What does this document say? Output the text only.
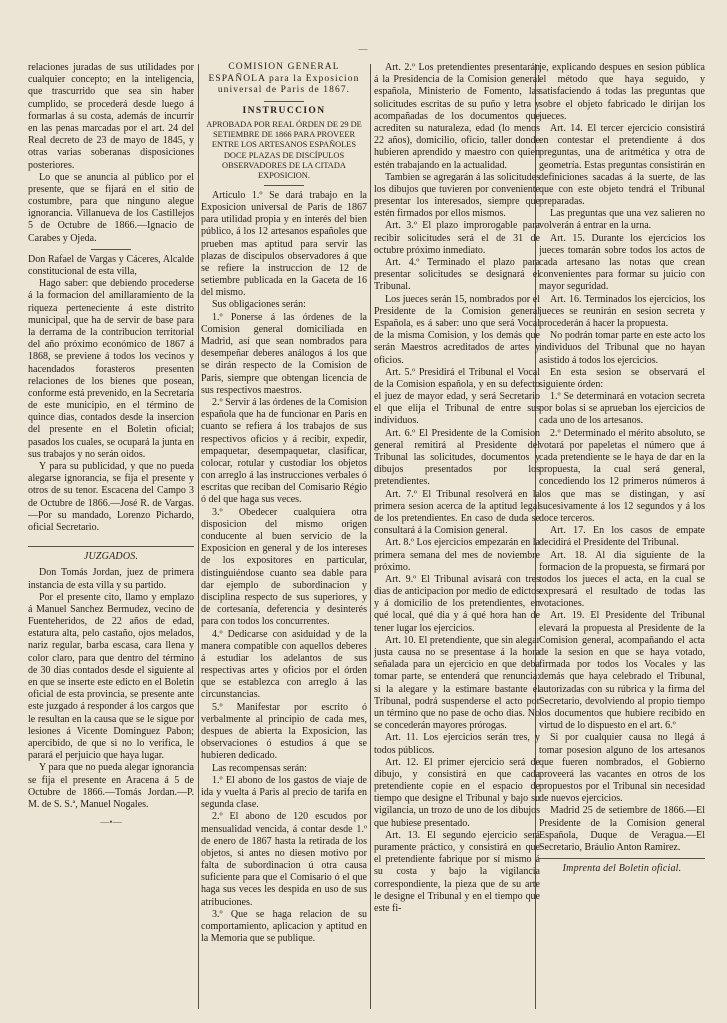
—

relaciones juradas de sus utilidades por cualquier concepto; en la inteligencia, que trascurrido que sea sin haber cumplido, se procederá desde luego á formarlas á su costa, además de incurrir en las penas marcadas por el art. 24 del Real decreto de 23 de mayo de 1845, y otras varias soberanas disposiciones posteriores.

Lo que se anuncia al público por el presente, que se fijará en el sitio de costumbre, para que ninguno alegue ignorancia. Villanueva de los Castillejos 5 de Octubre de 1866.—Ignacio de Carabes y Ojeda.

Don Rafael de Vargas y Cáceres, Alcalde constitucional de esta villa,

Hago saber: que debiendo procederse á la formacion del amillaramiento de la riqueza perteneciente á este distrito municipal, que ha de servir de base para la derrama de la contribucion territorial del año próximo económico de 1867 á 1868, se previene á todos los vecinos y hacendados forasteros presenten relaciones de los bienes que posean, conforme está prevenido, en la Secretaría de este municipio, en el término de quince dias, contados desde la insercion del presente en el Boletin oficial; pasados los cuales, se ocupará la junta en sus trabajos y no serán oidos.

Y para su publicidad, y que no pueda alegarse ignorancia, se fija el presente y otros de su tenor. Escacena del Campo 3 de Octubre de 1866.—José R. de Vargas.—Por su mandado, Lorenzo Pichardo, oficial Secretario.

JUZGADOS.

Don Tomás Jordan, juez de primera instancia de esta villa y su partido.

Por el presente cito, llamo y emplazo á Manuel Sanchez Bermudez, vecino de Fuenteheridos, de 22 años de edad, estatura alta, pelo castaño, ojos melados, nariz regular, barba escasa, cara llena y color claro, para que dentro del término de 30 dias contados desde el siguiente al en que se inserte este edicto en el Boletin oficial de esta provincia, se presente ante este juzgado á responder á los cargos que le resultan en la causa que se le sigue por lesiones á Vicente Dominguez Pabon; apercibido, de que si no lo verifica, le parará el perjuicio que haya lugar.

Y para que no pueda alegar ignorancia se fija el presente en Aracena á 5 de Octubre de 1866.—Tomás Jordan.—P. M. de S. S.ª, Manuel Nogales.

—•—

COMISION GENERAL ESPAÑOLA para la Exposicion universal de Paris de 1867.

INSTRUCCION

APROBADA POR REAL ÓRDEN DE 29 DE SETIEMBRE DE 1866 PARA PROVEER ENTRE LOS ARTESANOS ESPAÑOLES DOCE PLAZAS DE DISCÍPULOS OBSERVADORES DE LA CITADA EXPOSICION.

Articulo 1.º Se dará trabajo en la Exposicion universal de Paris de 1867 para utilidad propia y en interés del bien público, á los 12 artesanos españoles que prueben mas aptitud para servir las plazas de discipulos observadores á que se refiere la instruccion de 12 de setiembre publicada en la Gaceta de 16 del mismo.

Sus obligaciones serán:

1.º Ponerse á las órdenes de la Comision general domiciliada en Madrid, así que sean nombrados para desempeñar deberes análogos á los que se dirán respecto de la Comision de Paris, siempre que obtengan licencia de sus respectivos maestros.

2.º Servir á las órdenes de la Comision española que ha de funcionar en Paris en cuanto se refiera á los trabajos de sus respectivos oficios y á recibir, expedir, empaquetar, desempaquetar, clasificar, colocar, rotular y custodiar los objetos con arreglo á las instrucciones verbales ó escritas que reciban del Comisario Régio ó del que haga sus veces.

3.º Obedecer cualquiera otra disposicion del mismo origen conducente al buen servicio de la Exposicion en general y de los intereses de los expositores en particular, distinguiéndose cuanto sea dable para dar ejemplo de subordinacion y disciplina respecto de sus superiores, y de cortesanía, deferencia y desinterés para con todos los concurrentes.

4.º Dedicarse con asiduidad y de la manera compatible con aquellos deberes á estudiar los adelantos de sus respectivas artes y oficios por el órden que se establezca con arreglo á las circunstancias.

5.º Manifestar por escrito ó verbalmente al principio de cada mes, despues de abierta la Exposicion, las observaciones ó estudios á que se hubieren dedicado.

Las recompensas serán:

1.º El abono de los gastos de viaje de ida y vuelta á Paris al precio de tarifa en segunda clase.

2.º El abono de 120 escudos por mensualidad vencida, á contar desde 1.º de enero de 1867 hasta la retirada de los objetos, si antes no diesen motivo por falta de subordinacion ú otra causa suficiente para que el Comisario ó el que haga sus veces les despida en uso de sus atribuciones.

3.º Que se haga relacion de su comportamiento, aplicacion y aptitud en la Memoria que se publique.

Art. 2.º Los pretendientes presentarán á la Presidencia de la Comision general española, Ministerio de Fomento, las solicitudes escritas de su puño y letra y acompañadas de los documentos que acrediten su naturaleza, edad (lo menos 22 años), domicilio, oficio, taller donde hubieren aprendido y maestro con quien estén trabajando en la actualidad.

Tambien se agregarán á las solicitudes los dibujos que tuvieren por conveniente presentar los interesados, siempre que estén firmados por ellos mismos.

Art. 3.º El plazo improrogable para recibir solicitudes será el de 31 de octubre próximo inmediato.

Art. 4.º Terminado el plazo para presentar solicitudes se designará el Tribunal.

Los jueces serán 15, nombrados por el Presidente de la Comision general Española, es á saber: uno que será Vocal de la misma Comision, y los demás que serán Maestros acreditados de artes y oficios.

Art. 5.º Presidirá el Tribunal el Vocal de la Comision española, y en su defecto el juez de mayor edad, y será Secretario el que elija el Tribunal de entre sus individuos.

Art. 6.º El Presidente de la Comision general remitirá al Presidente del Tribunal las solicitudes, documentos y dibujos presentados por los pretendientes.

Art. 7.º El Tribunal resolverá en la primera sesion acerca de la aptitud legal de los pretendientes. En caso de duda se consultará á la Comision general.

Art. 8.º Los ejercicios empezarán en la primera semana del mes de noviembre próximo.

Art. 9.º El Tribunal avisará con tres dias de anticipacion por medio de edictos y á domicilio de los pretendientes, en qué local, qué dia y á qué hora han de tener lugar los ejercicios.

Art. 10. El pretendiente, que sin alegar justa causa no se presentase á la hora señalada para un ejercicio en que deba tomar parte, se entenderá que renuncia: si la alegare y la estimare bastante el Tribunal, podrá suspenderse el acto por un término que no pase de ocho dias. No se concederán mayores prórogas.

Art. 11. Los ejercicios serán tres, y todos públicos.

Art. 12. El primer ejercicio será de dibujo, y consistirá en que cada pretendiente copie en el espacio de tiempo que designe el Tribunal y bajo su vigilancia, un trozo de uno de los dibujos que hubiese presentado.

Art. 13. El segundo ejercicio será puramente práctico, y consistirá en que el pretendiente fabrique por sí mismo á su costa y bajo la vigilancia correspondiente, la pieza que de su arte le designe el Tribunal y en el tiempo que este fi-

je, explicando despues en sesion pública el método que haya seguido, y satisfaciendo á todas las preguntas que sobre el objeto fabricado le dirijan los jueces.

Art. 14. El tercer ejercicio consistirá en contestar el pretendiente á dos preguntas, una de aritmética y otra de geometría. Estas preguntas consistirán en definiciones sacadas á la suerte, de las que con este objeto tendrá el Tribunal preparadas.

Las preguntas que una vez salieren no volverán á entrar en la urna.

Art. 15. Durante los ejercicios los jueces tomarán sobre todos los actos de cada artesano las notas que crean convenientes para formar su juicio con mayor seguridad.

Art. 16. Terminados los ejercicios, los jueces se reunirán en sesion secreta y procederán á hacer la propuesta.

No podrán tomar parte en este acto los individuos del Tribunal que no hayan asistido á todos los ejercicios.

En esta sesion se observará el siguiente órden:

1.º Se determinará en votacion secreta por bolas si se aprueban los ejercicios de cada uno de los artesanos.

2.º Determinado el mérito absoluto, se votará por papeletas el número que á cada pretendiente se le haya de dar en la propuesta, la cual será general, concediendo los 12 primeros números á los que mas se distingan, y así sucesivamente á los 12 segundos y á los doce terceros.

Art. 17. En los casos de empate decidirá el Presidente del Tribunal.

Art. 18. Al dia siguiente de la formacion de la propuesta, se firmará por todos los jueces el acta, en la cual se expresará el resultado de todas las votaciones.

Art. 19. El Presidente del Tribunal elevará la propuesta al Presidente de la Comision general, acompañando el acta de la sesion en que se haya votado, firmada por todos los Vocales y las demás que haya celebrado el Tribunal, autorizadas con su rúbrica y la firma del Secretario, devolviendo al propio tiempo los documentos que hubiere recibido en virtud de lo dispuesto en el art. 6.º

Si por cualquier causa no llegá á tomar posesion alguno de los artesanos que fueren nombrados, el Gobierno proveerá las vacantes en otros de los propuestos por el Tribunal sin necesidad de nuevos ejercicios.

Madrid 25 de setiembre de 1866.—El Presidente de la Comision general Española, Duque de Veragua.—El Secretario, Bráulio Anton Ramirez.

Imprenta del Boletin oficial.
